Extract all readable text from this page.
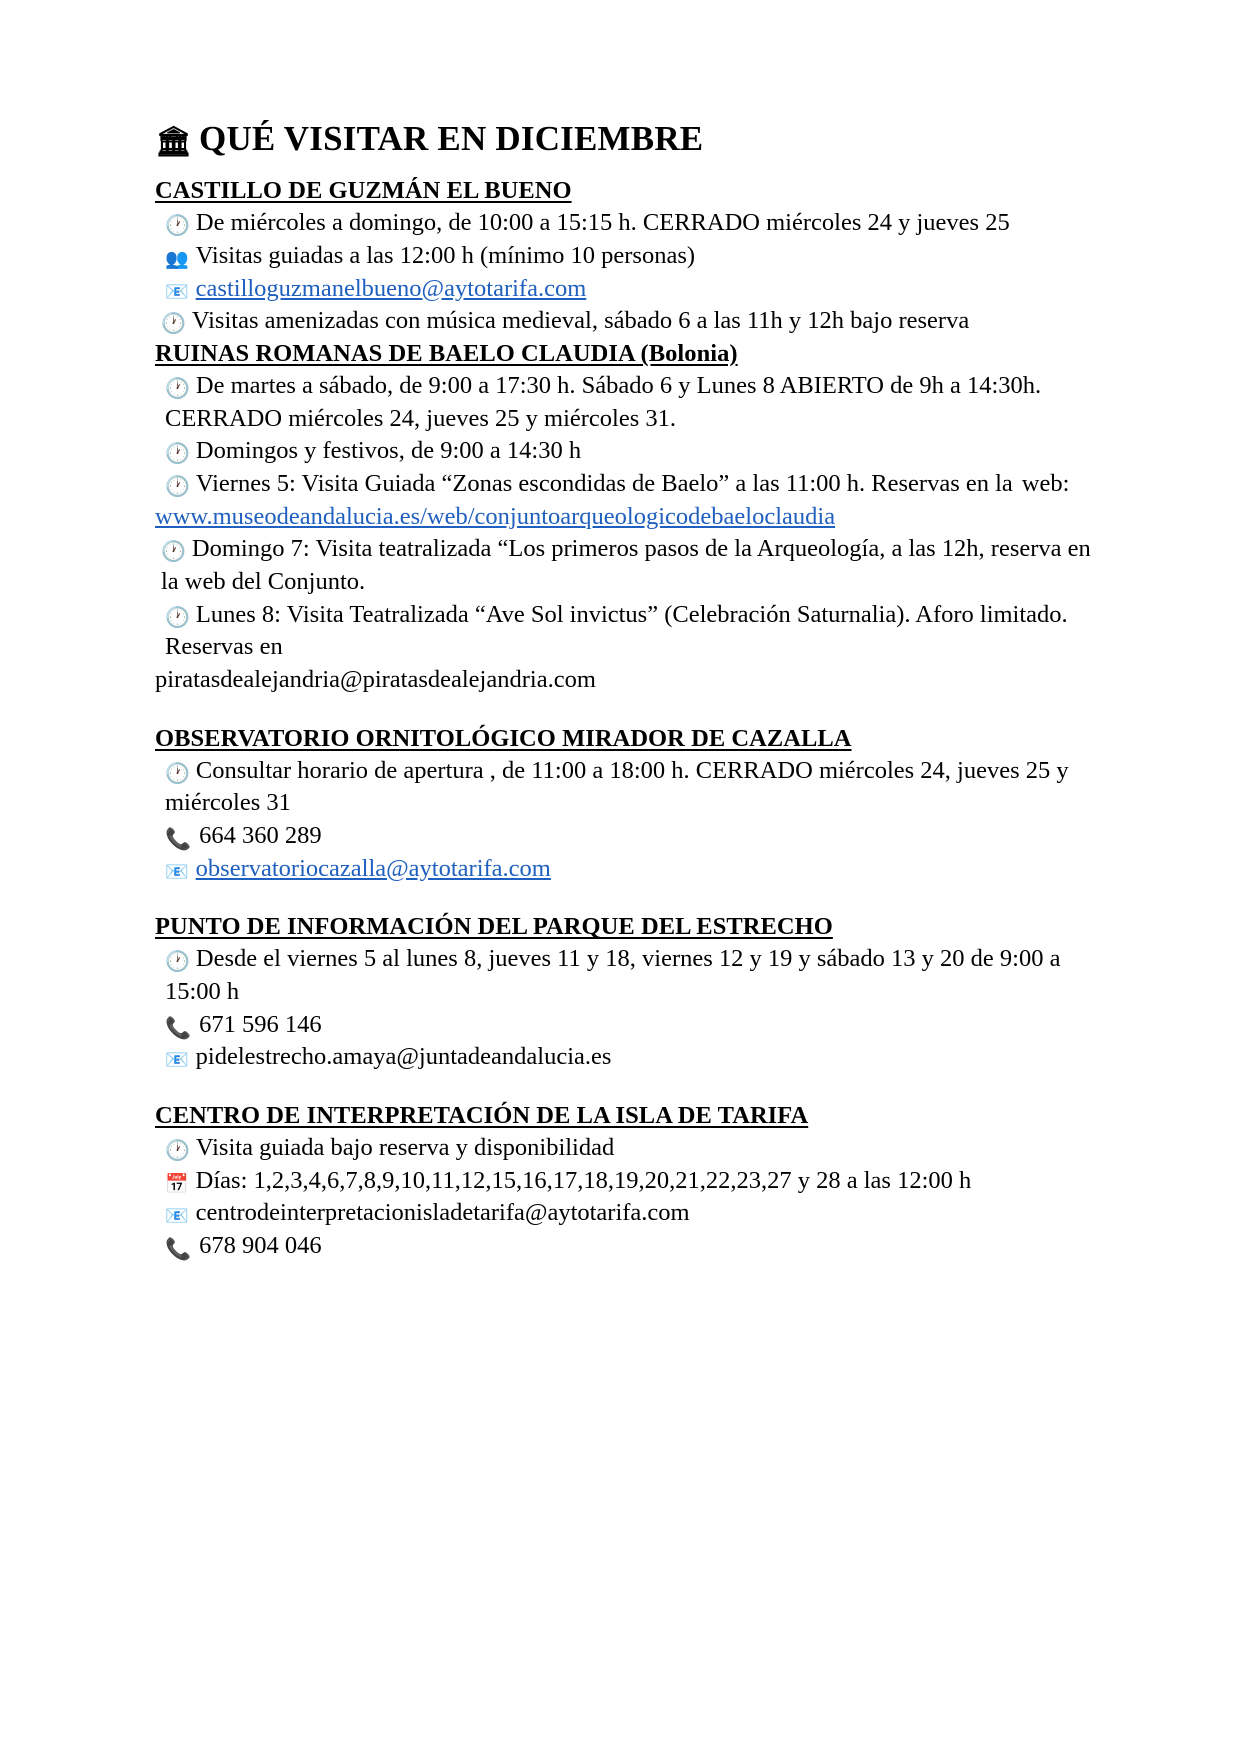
🏛 QUÉ VISITAR EN DICIEMBRE
CASTILLO DE GUZMÁN EL BUENO

🕐 De miércoles a domingo, de 10:00 a 15:15 h. CERRADO miércoles 24 y jueves 25

👥 Visitas guiadas a las 12:00 h (mínimo 10 personas)

📧 castilloguzmanelbueno@aytotarifa.com

🕐 Visitas amenizadas con música medieval, sábado 6 a las 11h y 12h bajo reserva

RUINAS ROMANAS DE BAELO CLAUDIA (Bolonia)

🕐 De martes a sábado, de 9:00 a 17:30 h. Sábado 6 y Lunes 8 ABIERTO de 9h a 14:30h. CERRADO miércoles 24, jueves 25 y miércoles 31.

🕐 Domingos y festivos, de 9:00 a 14:30 h

🕐 Viernes 5: Visita Guiada “Zonas escondidas de Baelo” a las 11:00 h. Reservas en la web:

www.museodeandalucia.es/web/conjuntoarqueologicodebaeloclaudia

🕐 Domingo 7: Visita teatralizada “Los primeros pasos de la Arqueología, a las 12h, reserva en la web del Conjunto.

🕐 Lunes 8: Visita Teatralizada “Ave Sol invictus” (Celebración Saturnalia). Aforo limitado. Reservas en

piratasdealejandria@piratasdealejandria.com

OBSERVATORIO ORNITOLÓGICO MIRADOR DE CAZALLA

🕐 Consultar horario de apertura , de 11:00 a 18:00 h. CERRADO miércoles 24, jueves 25 y miércoles 31

📞 664 360 289

📧 observatoriocazalla@aytotarifa.com

PUNTO DE INFORMACIÓN DEL PARQUE DEL ESTRECHO

🕐 Desde el viernes 5 al lunes 8, jueves 11 y 18, viernes 12 y 19 y sábado 13 y 20 de 9:00 a 15:00 h

📞 671 596 146

📧 pidelestrecho.amaya@juntadeandalucia.es

CENTRO DE INTERPRETACIÓN DE LA ISLA DE TARIFA

🕐 Visita guiada bajo reserva y disponibilidad

📅 Días: 1,2,3,4,6,7,8,9,10,11,12,15,16,17,18,19,20,21,22,23,27 y 28 a las 12:00 h

📧 centrodeinterpretacionisladetarifa@aytotarifa.com

📞 678 904 046
